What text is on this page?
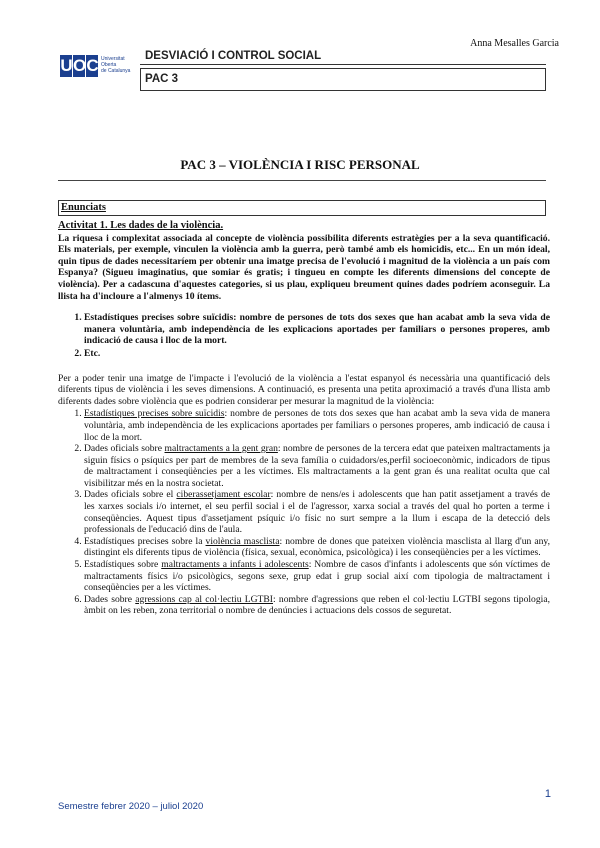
Anna Mesalles Garcia
U O C Universitat
Oberta
de Catalunya
DESVIACIÓ I CONTROL SOCIAL
PAC 3
PAC 3 – VIOLÈNCIA I RISC PERSONAL
Enunciats
Activitat 1. Les dades de la violència.

La riquesa i complexitat associada al concepte de violència possibilita diferents estratègies per a la seva quantificació. Els materials, per exemple, vinculen la violència amb la guerra, però també amb els homicidis, etc... En un món ideal, quin tipus de dades necessitaríem per obtenir una imatge precisa de l'evolució i magnitud de la violència a un país com Espanya? (Sigueu imaginatius, que somiar és gratis; i tingueu en compte les diferents dimensions del concepte de violència). Per a cadascuna d'aquestes categories, si us plau, expliqueu breument quines dades podríem aconseguir. La llista ha d'incloure a l'almenys 10 ítems.

1. Estadístiques precises sobre suïcidis: nombre de persones de tots dos sexes que han acabat amb la seva vida de manera voluntària, amb independència de les explicacions aportades per familiars o persones properes, amb indicació de causa i lloc de la mort.
2. Etc.

Per a poder tenir una imatge de l'impacte i l'evolució de la violència a l'estat espanyol és necessària una quantificació dels diferents tipus de violència i les seves dimensions. A continuació, es presenta una petita aproximació a través d'una llista amb diferents dades sobre violència que es podrien considerar per mesurar la magnitud de la violència:

1. Estadístiques precises sobre suïcidis: nombre de persones de tots dos sexes que han acabat amb la seva vida de manera voluntària, amb independència de les explicacions aportades per familiars o persones properes, amb indicació de causa i lloc de la mort.
2. Dades oficials sobre maltractaments a la gent gran: nombre de persones de la tercera edat que pateixen maltractaments ja siguin físics o psíquics per part de membres de la seva família o cuidadors/es,perfil socioeconòmic, indicadors de tipus de maltractament i conseqüències per a les víctimes. Els maltractaments a la gent gran és una realitat oculta que cal visibilitzar més en la nostra societat.
3. Dades oficials sobre el ciberassetjament escolar: nombre de nens/es i adolescents que han patit assetjament a través de les xarxes socials i/o internet, el seu perfil social i el de l'agressor, xarxa social a través del qual ho porten a terme i conseqüències. Aquest tipus d'assetjament psíquic i/o físic no surt sempre a la llum i escapa de la detecció dels professionals de l'educació dins de l'aula.
4. Estadístiques precises sobre la violència masclista: nombre de dones que pateixen violència masclista al llarg d'un any, distingint els diferents tipus de violència (física, sexual, econòmica, psicològica) i les conseqüències per a les víctimes.
5. Estadístiques sobre maltractaments a infants i adolescents: Nombre de casos d'infants i adolescents que són víctimes de maltractaments físics i/o psicològics, segons sexe, grup edat i grup social així com tipologia de maltractament i conseqüències per a les víctimes.
6. Dades sobre agressions cap al col·lectiu LGTBI: nombre d'agressions que reben el col·lectiu LGTBI segons tipologia, àmbit on les reben, zona territorial o nombre de denúncies i actuacions dels cossos de seguretat.
1
Semestre febrer 2020 – juliol 2020
